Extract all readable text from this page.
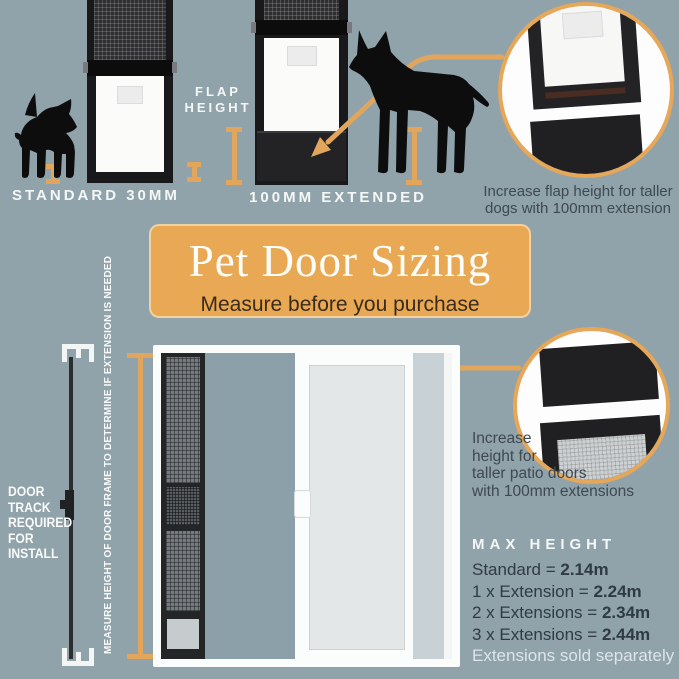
FLAP HEIGHT
STANDARD 30MM	100MM EXTENDED	Increase flap height for taller dogs with 100mm extension
Pet Door Sizing
Measure before you purchase
DOOR TRACK REQUIRED FOR INSTALL	MEASURE HEIGHT OF DOOR FRAME TO DETERMINE IF EXTENSION IS NEEDED	Increase
height for
taller patio doors
with 100mm extensions
MAX HEIGHT
Standard = 2.14m
1 x Extension = 2.24m
2 x Extensions = 2.34m
3 x Extensions = 2.44m
Extensions sold separately
